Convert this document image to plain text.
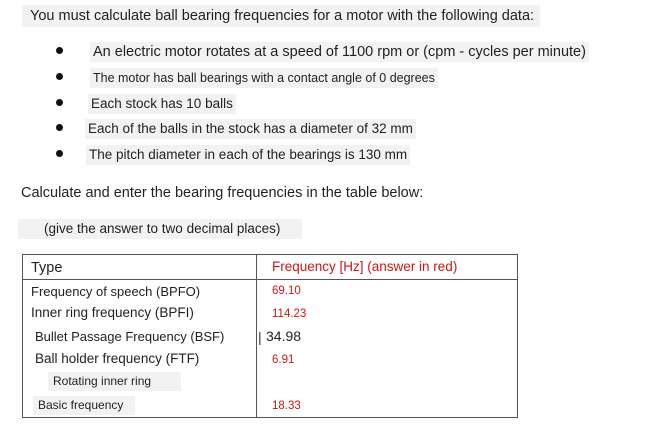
You must calculate ball bearing frequencies for a motor with the following data:
An electric motor rotates at a speed of 1100 rpm or (cpm - cycles per minute)
The motor has ball bearings with a contact angle of 0 degrees
Each stock has 10 balls
Each of the balls in the stock has a diameter of 32 mm
The pitch diameter in each of the bearings is 130 mm
Calculate and enter the bearing frequencies in the table below:
(give the answer to two decimal places)
Type	Frequency [Hz] (answer in red)
Frequency of speech (BPFO)	69.10
Inner ring frequency (BPFI)	114.23
Bullet Passage Frequency (BSF) | 34.98
Ball holder frequency (FTF)	6.91
Rotating inner ring
Basic frequency	18.33
